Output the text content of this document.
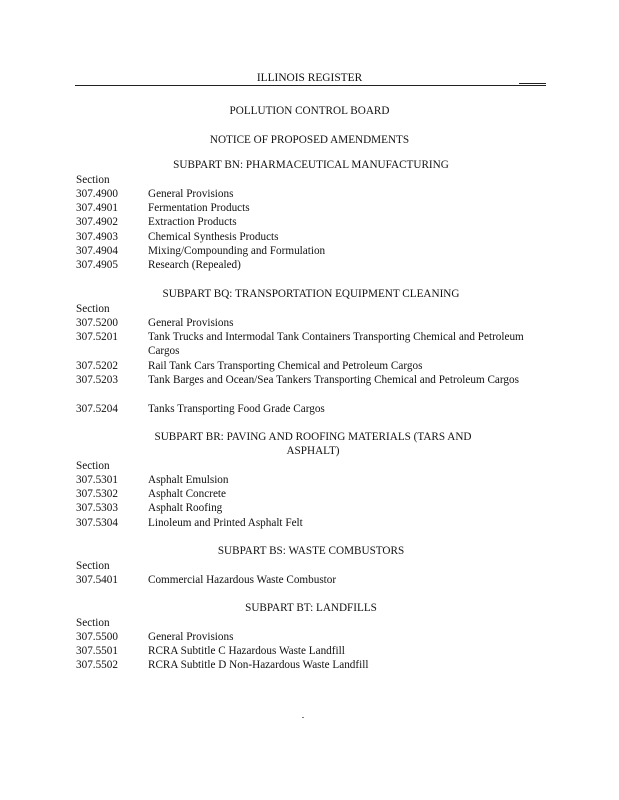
ILLINOIS REGISTER
POLLUTION CONTROL BOARD
NOTICE OF PROPOSED AMENDMENTS
SUBPART BN: PHARMACEUTICAL MANUFACTURING
Section
307.4900	General Provisions
307.4901	Fermentation Products
307.4902	Extraction Products
307.4903	Chemical Synthesis Products
307.4904	Mixing/Compounding and Formulation
307.4905	Research (Repealed)
SUBPART BQ: TRANSPORTATION EQUIPMENT CLEANING
Section
307.5200	General Provisions
307.5201	Tank Trucks and Intermodal Tank Containers Transporting Chemical and Petroleum Cargos
307.5202	Rail Tank Cars Transporting Chemical and Petroleum Cargos
307.5203	Tank Barges and Ocean/Sea Tankers Transporting Chemical and Petroleum Cargos
307.5204	Tanks Transporting Food Grade Cargos
SUBPART BR: PAVING AND ROOFING MATERIALS (TARS AND ASPHALT)
Section
307.5301	Asphalt Emulsion
307.5302	Asphalt Concrete
307.5303	Asphalt Roofing
307.5304	Linoleum and Printed Asphalt Felt
SUBPART BS: WASTE COMBUSTORS
Section
307.5401	Commercial Hazardous Waste Combustor
SUBPART BT: LANDFILLS
Section
307.5500	General Provisions
307.5501	RCRA Subtitle C Hazardous Waste Landfill
307.5502	RCRA Subtitle D Non-Hazardous Waste Landfill
